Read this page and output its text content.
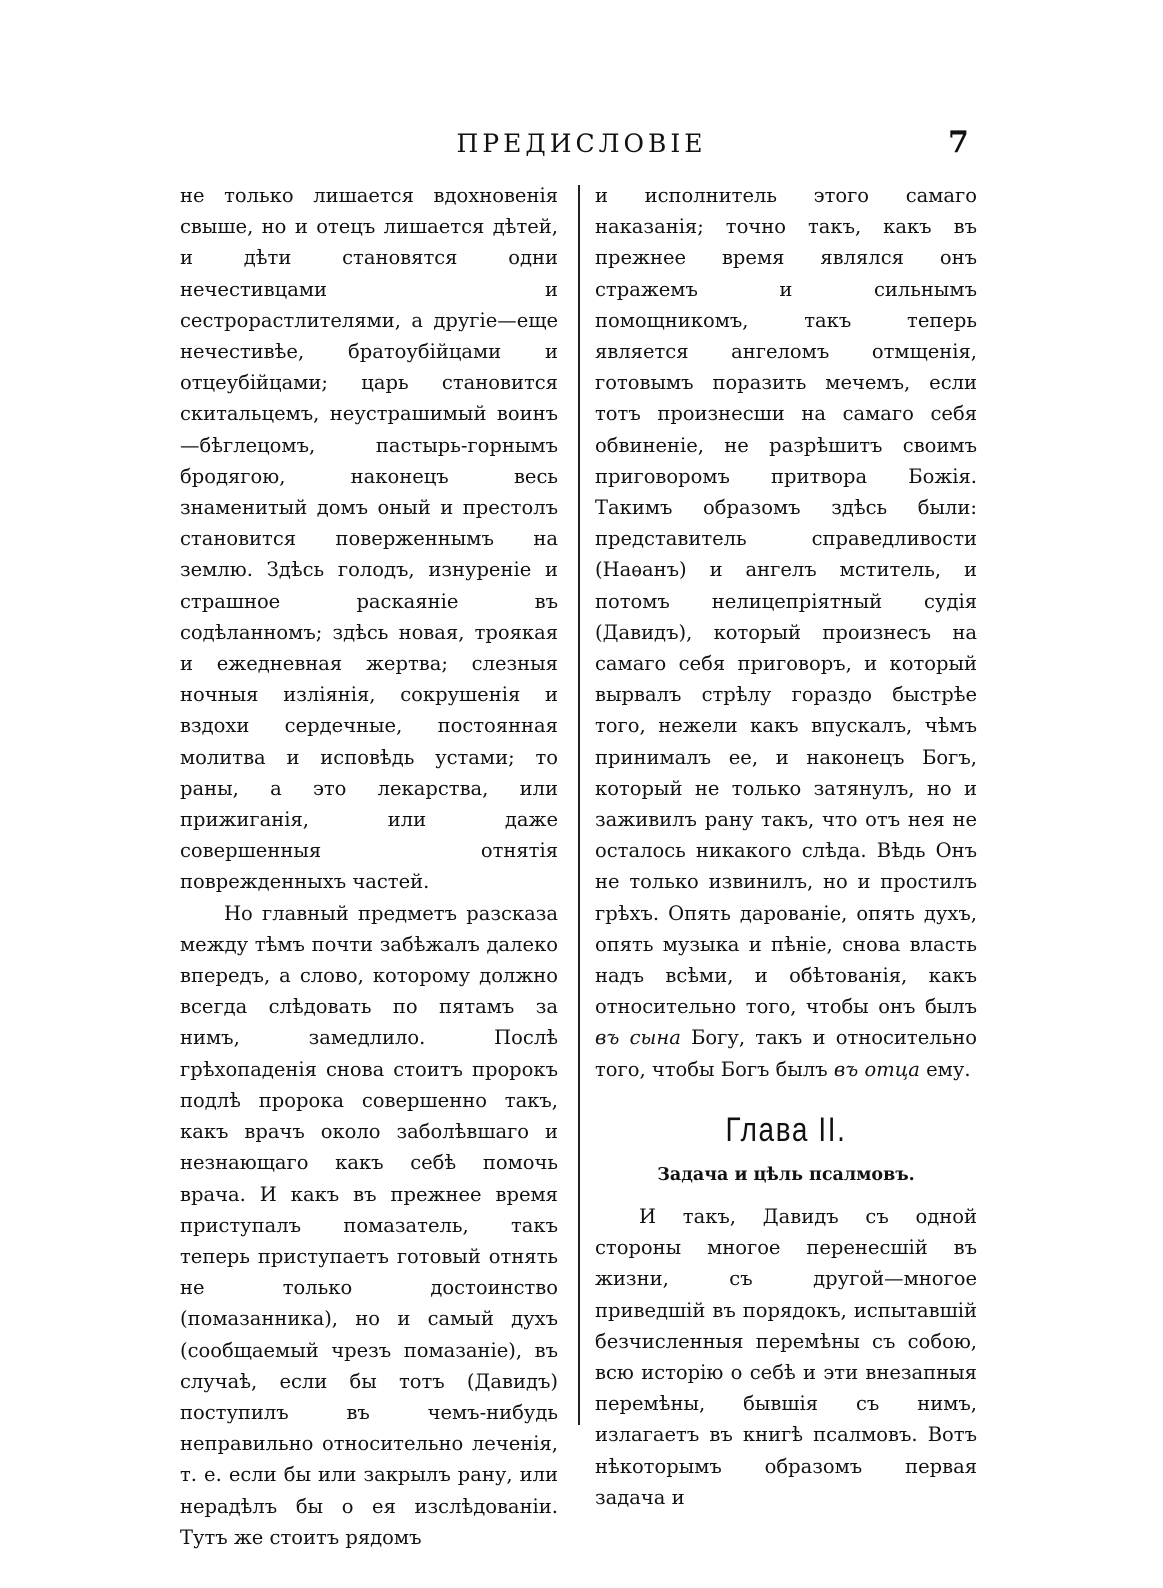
ПРЕДИСЛОВІЕ	7

не только лишается вдохновенія свыше, но и отецъ лишается дѣтей, и дѣти становятся одни нечестивцами и сестрорастлителями, а другіе—еще нечестивѣе, братоубійцами и отцеубійцами; царь становится скитальцемъ, неустрашимый воинъ—бѣглецомъ, пастырь-горнымъ бродягою, наконецъ весь знаменитый домъ оный и престолъ становится поверженнымъ на землю. Здѣсь голодъ, изнуреніе и страшное раскаяніе въ содѣланномъ; здѣсь новая, трoякая и ежедневная жертва; слезныя ночныя изліянія, сокрушенія и вздохи сердечные, постоянная молитва и исповѣдь устами; то раны, а это лекарства, или прижиганія, или даже совершенныя отнятія поврежденныхъ частей.

Но главный предметъ разсказа между тѣмъ почти забѣжалъ далеко впередъ, а слово, которому должно всегда слѣдовать по пятамъ за нимъ, замедлило. Послѣ грѣхопаденія снова стоитъ пророкъ подлѣ пророка совершенно такъ, какъ врачъ около заболѣвшаго и незнающаго какъ себѣ помочь врача. И какъ въ прежнее время приступалъ помазатель, такъ теперь приступаетъ готовый отнять не только достоинство (помазанника), но и самый духъ (сообщаемый чрезъ помазаніе), въ случаѣ, если бы тотъ (Давидъ) поступилъ въ чемъ-нибудь неправильно относительно леченія, т. е. если бы или закрылъ рану, или нерадѣлъ бы о ея изслѣдованіи. Тутъ же стоитъ рядомъ

и исполнитель этого самаго наказанія; точно такъ, какъ въ прежнее время являлся онъ стражемъ и сильнымъ помощникомъ, такъ теперь является ангеломъ отмщенія, готовымъ поразить мечемъ, если тотъ произнесши на самаго себя обвиненіе, не разрѣшитъ своимъ приговоромъ притвора Божія. Такимъ образомъ здѣсь были: представитель справедливости (Наѳанъ) и ангелъ мститель, и потомъ нелицепріятный судія (Давидъ), который произнесъ на самаго себя приговоръ, и который вырвалъ стрѣлу гораздо быстрѣе того, нежели какъ впускалъ, чѣмъ принималъ ее, и наконецъ Богъ, который не только затянулъ, но и заживилъ рану такъ, что отъ нея не осталось никакого слѣда. Вѣдь Онъ не только извинилъ, но и простилъ грѣхъ. Опять дарованіе, опять духъ, опять музыка и пѣніе, снова власть надъ всѣми, и обѣтованія, какъ относительно того, чтобы онъ былъ въ сына Богу, такъ и относительно того, чтобы Богъ былъ въ отца ему.

Глава II.

Задача и цѣль псалмовъ.

И такъ, Давидъ съ одной стороны многое перенесшій въ жизни, съ другой—многое приведшій въ порядокъ, испытавшій безчисленныя перемѣны съ собою, всю исторію о себѣ и эти внезапныя перемѣны, бывшія съ нимъ, излагаетъ въ книгѣ псалмовъ. Вотъ нѣкоторымъ образомъ первая задача и
